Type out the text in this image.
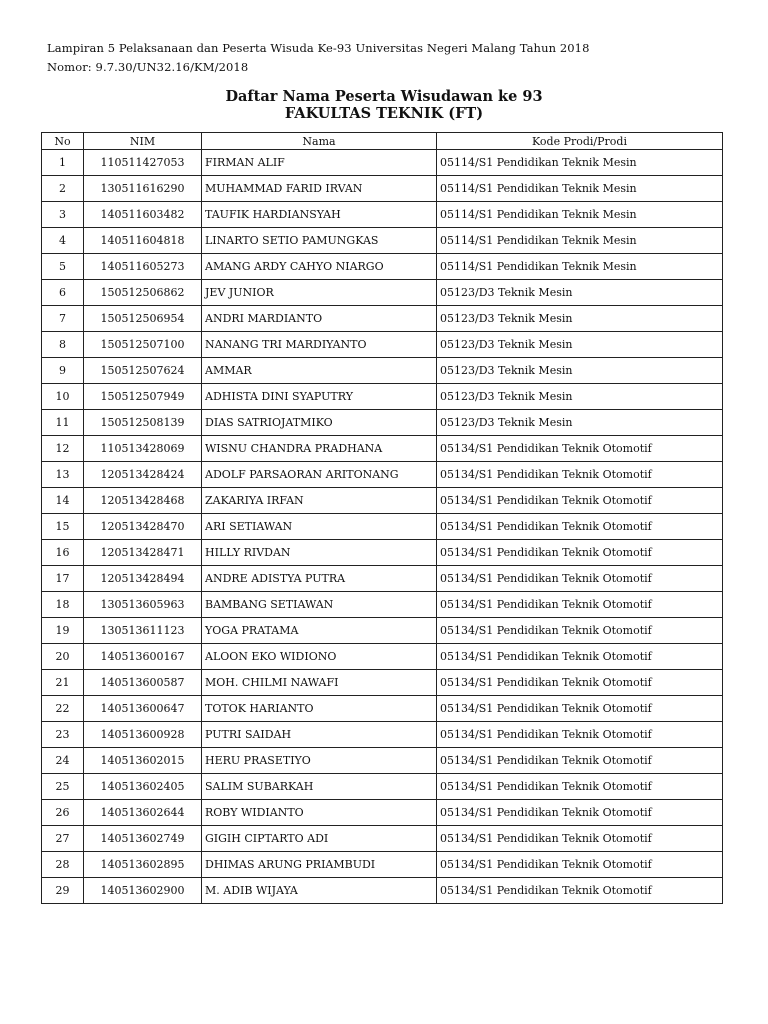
Lampiran 5 Pelaksanaan dan Peserta Wisuda Ke-93 Universitas Negeri Malang Tahun 2018
Nomor: 9.7.30/UN32.16/KM/2018
Daftar Nama Peserta Wisudawan ke 93
FAKULTAS TEKNIK (FT)
No	NIM	Nama	Kode Prodi/Prodi
1	110511427053	FIRMAN ALIF	05114/S1 Pendidikan Teknik Mesin
2	130511616290	MUHAMMAD FARID IRVAN	05114/S1 Pendidikan Teknik Mesin
3	140511603482	TAUFIK HARDIANSYAH	05114/S1 Pendidikan Teknik Mesin
4	140511604818	LINARTO SETIO PAMUNGKAS	05114/S1 Pendidikan Teknik Mesin
5	140511605273	AMANG ARDY CAHYO NIARGO	05114/S1 Pendidikan Teknik Mesin
6	150512506862	JEV JUNIOR	05123/D3 Teknik Mesin
7	150512506954	ANDRI MARDIANTO	05123/D3 Teknik Mesin
8	150512507100	NANANG TRI MARDIYANTO	05123/D3 Teknik Mesin
9	150512507624	AMMAR	05123/D3 Teknik Mesin
10	150512507949	ADHISTA DINI SYAPUTRY	05123/D3 Teknik Mesin
11	150512508139	DIAS SATRIOJATMIKO	05123/D3 Teknik Mesin
12	110513428069	WISNU CHANDRA PRADHANA	05134/S1 Pendidikan Teknik Otomotif
13	120513428424	ADOLF PARSAORAN ARITONANG	05134/S1 Pendidikan Teknik Otomotif
14	120513428468	ZAKARIYA IRFAN	05134/S1 Pendidikan Teknik Otomotif
15	120513428470	ARI SETIAWAN	05134/S1 Pendidikan Teknik Otomotif
16	120513428471	HILLY RIVDAN	05134/S1 Pendidikan Teknik Otomotif
17	120513428494	ANDRE ADISTYA PUTRA	05134/S1 Pendidikan Teknik Otomotif
18	130513605963	BAMBANG SETIAWAN	05134/S1 Pendidikan Teknik Otomotif
19	130513611123	YOGA PRATAMA	05134/S1 Pendidikan Teknik Otomotif
20	140513600167	ALOON EKO WIDIONO	05134/S1 Pendidikan Teknik Otomotif
21	140513600587	MOH. CHILMI NAWAFI	05134/S1 Pendidikan Teknik Otomotif
22	140513600647	TOTOK HARIANTO	05134/S1 Pendidikan Teknik Otomotif
23	140513600928	PUTRI SAIDAH	05134/S1 Pendidikan Teknik Otomotif
24	140513602015	HERU PRASETIYO	05134/S1 Pendidikan Teknik Otomotif
25	140513602405	SALIM SUBARKAH	05134/S1 Pendidikan Teknik Otomotif
26	140513602644	ROBY WIDIANTO	05134/S1 Pendidikan Teknik Otomotif
27	140513602749	GIGIH CIPTARTO ADI	05134/S1 Pendidikan Teknik Otomotif
28	140513602895	DHIMAS ARUNG PRIAMBUDI	05134/S1 Pendidikan Teknik Otomotif
29	140513602900	M. ADIB WIJAYA	05134/S1 Pendidikan Teknik Otomotif
